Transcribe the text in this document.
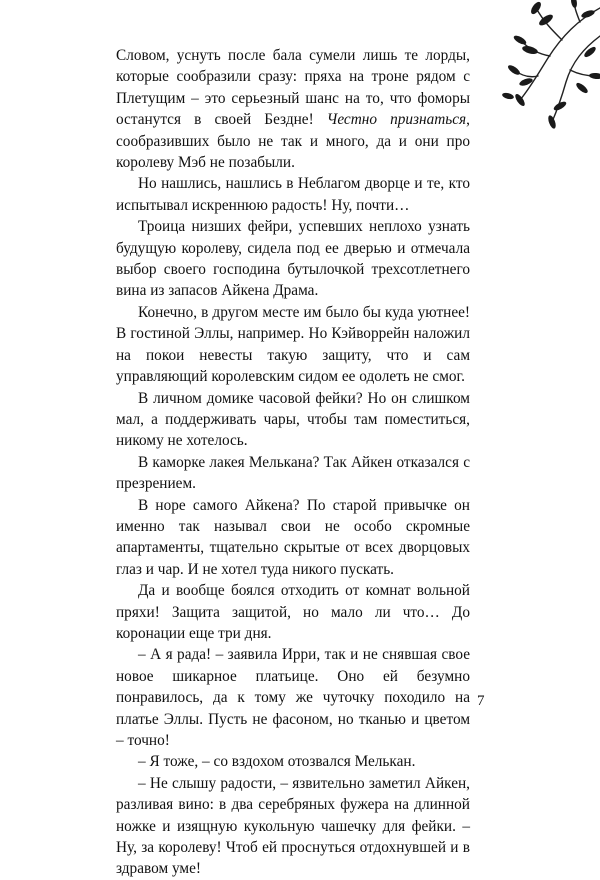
Словом, уснуть после бала сумели лишь те лорды, которые сообразили сразу: пряха на троне рядом с Плетущим – это серьезный шанс на то, что фоморы останутся в своей Бездне! Честно признаться, сообразивших было не так и много, да и они про королеву Мэб не позабыли.

Но нашлись, нашлись в Неблагом дворце и те, кто испытывал искреннюю радость! Ну, почти…

Троица низших фейри, успевших неплохо узнать будущую королеву, сидела под ее дверью и отмечала выбор своего господина бутылочкой трехсотлетнего вина из запасов Айкена Драма.

Конечно, в другом месте им было бы куда уютнее! В гостиной Эллы, например. Но Кэйворрейн наложил на покои невесты такую защиту, что и сам управляющий королевским сидом ее одолеть не смог.

В личном домике часовой фейки? Но он слишком мал, а поддерживать чары, чтобы там поместиться, никому не хотелось.

В каморке лакея Мелькана? Так Айкен отказался с презрением.

В норе самого Айкена? По старой привычке он именно так называл свои не особо скромные апартаменты, тщательно скрытые от всех дворцовых глаз и чар. И не хотел туда никого пускать.

Да и вообще боялся отходить от комнат вольной пряхи! Защита защитой, но мало ли что… До коронации еще три дня.

– А я рада! – заявила Ирри, так и не снявшая свое новое шикарное платьице. Оно ей безумно понравилось, да к тому же чуточку походило на платье Эллы. Пусть не фасоном, но тканью и цветом – точно!

– Я тоже, – со вздохом отозвался Мелькан.

– Не слышу радости, – язвительно заметил Айкен, разливая вино: в два серебряных фужера на длинной ножке и изящную кукольную чашечку для фейки. – Ну, за королеву! Чтоб ей проснуться отдохнувшей и в здравом уме!

7
